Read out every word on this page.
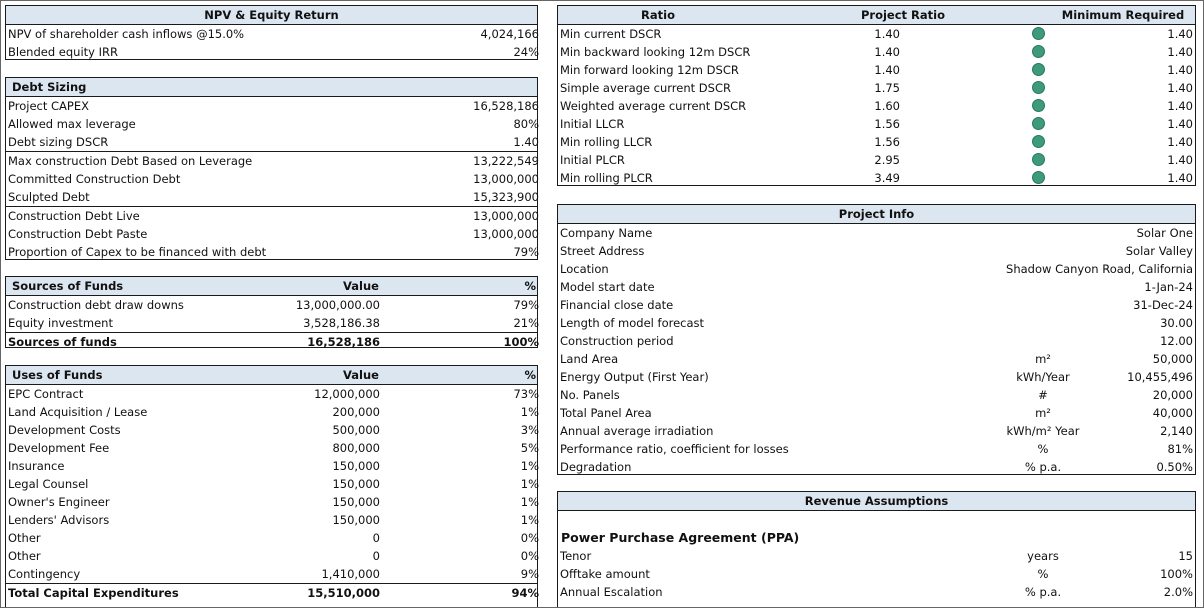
NPV & Equity Return
NPV of shareholder cash inflows @15.0%	4,024,166
Blended equity IRR	24%
Debt Sizing
Project CAPEX	16,528,186
Allowed max leverage	80%
Debt sizing DSCR	1.40
Max construction Debt Based on Leverage	13,222,549
Committed Construction Debt	13,000,000
Sculpted Debt	15,323,900
Construction Debt Live	13,000,000
Construction Debt Paste	13,000,000
Proportion of Capex to be financed with debt	79%
Sources of Funds	Value	%
Construction debt draw downs	13,000,000.00	79%
Equity investment	3,528,186.38	21%
Sources of funds	16,528,186	100%
Uses of Funds	Value	%
EPC Contract	12,000,000	73%
Land Acquisition / Lease	200,000	1%
Development Costs	500,000	3%
Development Fee	800,000	5%
Insurance	150,000	1%
Legal Counsel	150,000	1%
Owner's Engineer	150,000	1%
Lenders' Advisors	150,000	1%
Other	0	0%
Other	0	0%
Contingency	1,410,000	9%
Total Capital Expenditures	15,510,000	94%
Ratio	Project Ratio	Minimum Required
Min current DSCR	1.40	1.40
Min backward looking 12m DSCR	1.40	1.40
Min forward looking 12m DSCR	1.40	1.40
Simple average current DSCR	1.75	1.40
Weighted average current DSCR	1.60	1.40
Initial LLCR	1.56	1.40
Min rolling LLCR	1.56	1.40
Initial PLCR	2.95	1.40
Min rolling PLCR	3.49	1.40
Project Info
Company Name	Solar One
Street Address	Solar Valley
Location	Shadow Canyon Road, California
Model start date	1-Jan-24
Financial close date	31-Dec-24
Length of model forecast	30.00
Construction period	12.00
Land Area	m²	50,000
Energy Output (First Year)	kWh/Year	10,455,496
No. Panels	#	20,000
Total Panel Area	m²	40,000
Annual average irradiation	kWh/m² Year	2,140
Performance ratio, coefficient for losses	%	81%
Degradation	% p.a.	0.50%
Revenue Assumptions
Power Purchase Agreement (PPA)
Tenor	years	15
Offtake amount	%	100%
Annual Escalation	% p.a.	2.0%
